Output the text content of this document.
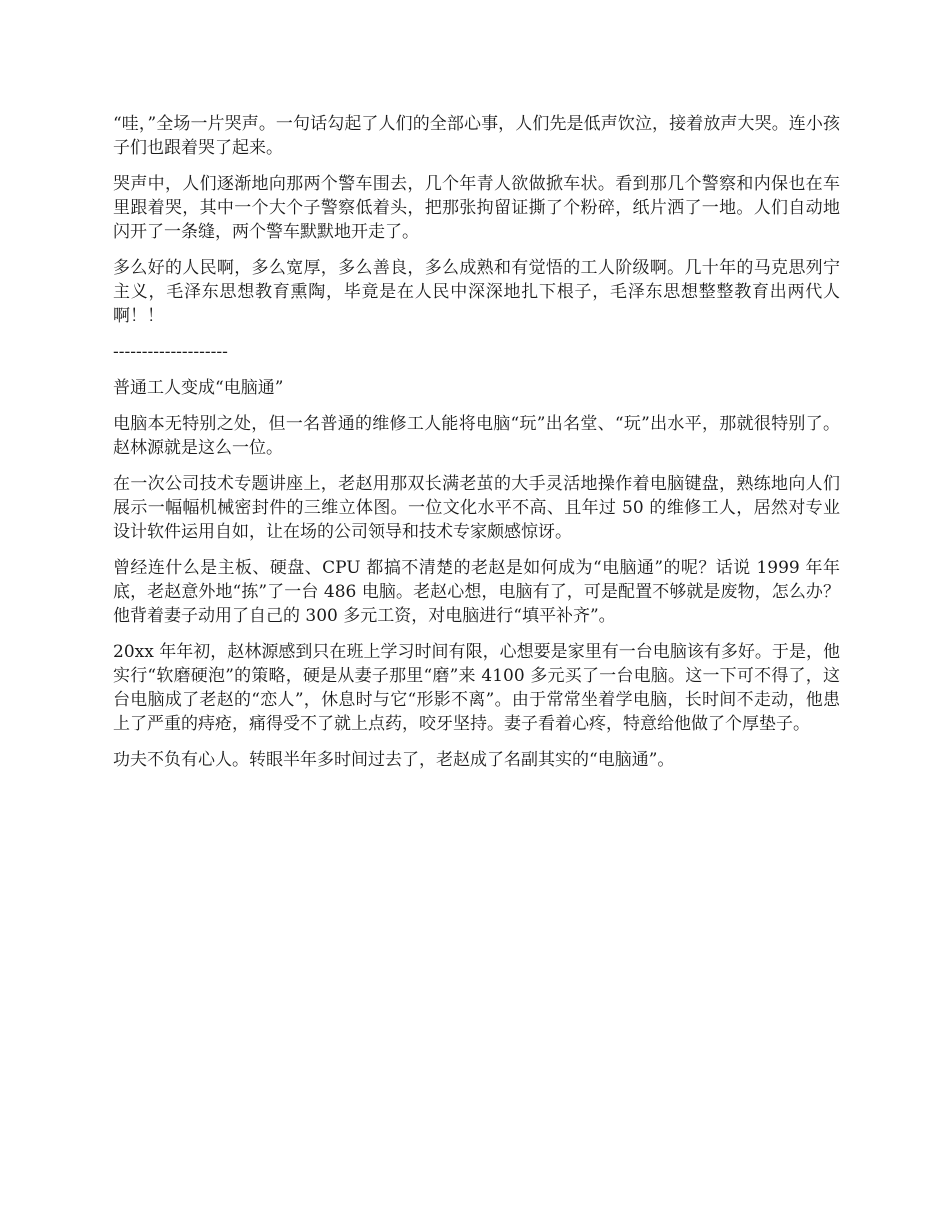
“哇，”全场一片哭声。一句话勾起了人们的全部心事，人们先是低声饮泣，接着放声大哭。连小孩子们也跟着哭了起来。

哭声中，人们逐渐地向那两个警车围去，几个年青人欲做掀车状。看到那几个警察和内保也在车里跟着哭，其中一个大个子警察低着头，把那张拘留证撕了个粉碎，纸片洒了一地。人们自动地闪开了一条缝，两个警车默默地开走了。

多么好的人民啊，多么宽厚，多么善良，多么成熟和有觉悟的工人阶级啊。几十年的马克思列宁主义，毛泽东思想教育熏陶，毕竟是在人民中深深地扎下根子，毛泽东思想整整教育出两代人啊！！

--------------------

普通工人变成“电脑通”

电脑本无特别之处，但一名普通的维修工人能将电脑“玩”出名堂、“玩”出水平，那就很特别了。赵林源就是这么一位。

在一次公司技术专题讲座上，老赵用那双长满老茧的大手灵活地操作着电脑键盘，熟练地向人们展示一幅幅机械密封件的三维立体图。一位文化水平不高、且年过 50 的维修工人，居然对专业设计软件运用自如，让在场的公司领导和技术专家颇感惊讶。

曾经连什么是主板、硬盘、CPU 都搞不清楚的老赵是如何成为“电脑通”的呢？话说 1999 年年底，老赵意外地“拣”了一台 486 电脑。老赵心想，电脑有了，可是配置不够就是废物，怎么办？他背着妻子动用了自己的 300 多元工资，对电脑进行“填平补齐”。

20xx 年年初，赵林源感到只在班上学习时间有限，心想要是家里有一台电脑该有多好。于是，他实行“软磨硬泡”的策略，硬是从妻子那里“磨”来 4100 多元买了一台电脑。这一下可不得了，这台电脑成了老赵的“恋人”，休息时与它“形影不离”。由于常常坐着学电脑，长时间不走动，他患上了严重的痔疮，痛得受不了就上点药，咬牙坚持。妻子看着心疼，特意给他做了个厚垫子。

功夫不负有心人。转眼半年多时间过去了，老赵成了名副其实的“电脑通”。
